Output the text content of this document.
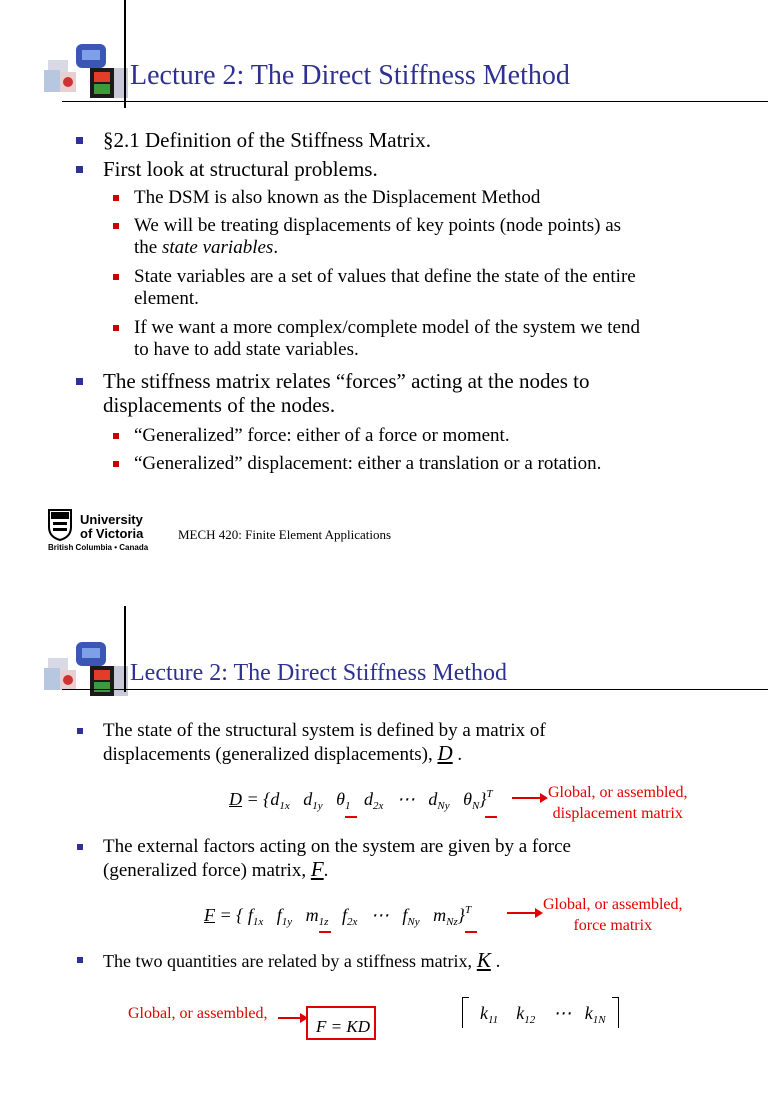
Lecture 2: The Direct Stiffness Method
§2.1 Definition of the Stiffness Matrix.
First look at structural problems.
The DSM is also known as the Displacement Method
We will be treating displacements of key points (node points) as
the state variables.
State variables are a set of values that define the state of the entire
element.
If we want a more complex/complete model of the system we tend
to have to add state variables.
The stiffness matrix relates “forces” acting at the nodes to
displacements of the nodes.
“Generalized” force: either of a force or moment.
“Generalized” displacement: either a translation or a rotation.
University
of Victoria
British Columbia • Canada
MECH 420: Finite Element Applications
Lecture 2: The Direct Stiffness Method
The state of the structural system is defined by a matrix of
displacements (generalized displacements), D .
$D = \{d_{1x}$ $d_{1y}$ $\theta_1$ $d_{2x}$   ⋯   $d_{Ny}$ $\theta_N\}^T$	Global, or assembled,
displacement matrix
The external factors acting on the system are given by a force
(generalized force) matrix, F.
F = { $f_{1x}$ $f_{1y}$ $m_{1z}$ $f_{2x}$   ⋯   $f_{Ny}$ $m_{Nz}\}^T$	Global, or assembled,
force matrix
The two quantities are related by a stiffness matrix, K .
Global, or assembled,
F = KD
$k_{11}$ $k_{12}$ ⋯ $k_{1N}$
